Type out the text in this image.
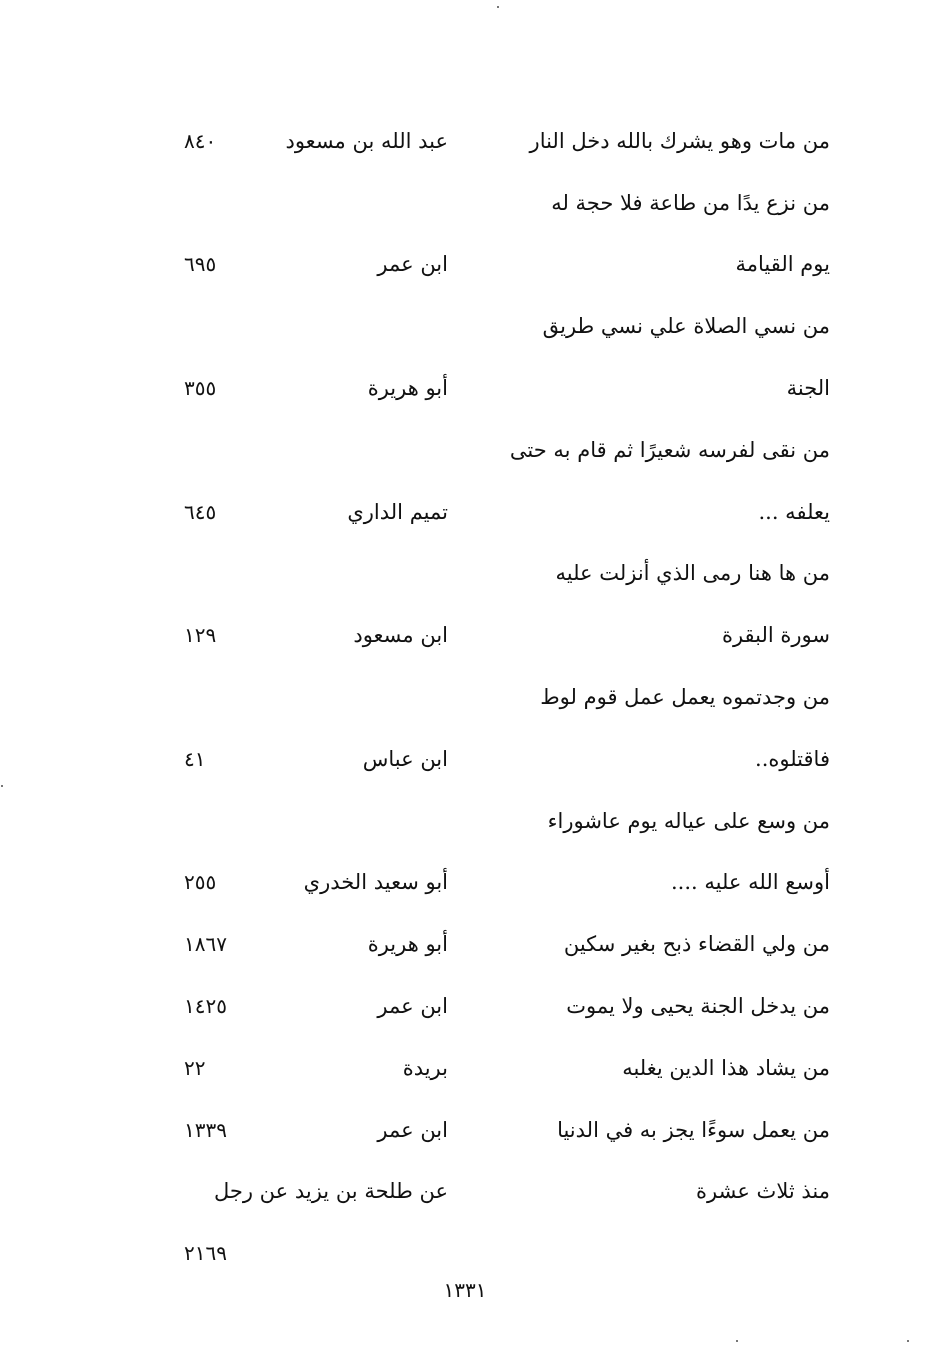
من مات وهو يشرك بالله دخل النار
عبد الله بن مسعود
٨٤٠
من نزع يدًا من طاعة فلا حجة له
يوم القيامة
ابن عمر
٦٩٥
من نسي الصلاة علي نسي طريق
الجنة
أبو هريرة
٣٥٥
من نقى لفرسه شعيرًا ثم قام به حتى
يعلفه ...
تميم الداري
٦٤٥
من ها هنا رمى الذي أنزلت عليه
سورة البقرة
ابن مسعود
١٢٩
من وجدتموه يعمل عمل قوم لوط
فاقتلوه..
ابن عباس
٤١
من وسع على عياله يوم عاشوراء
أوسع الله عليه ....
أبو سعيد الخدري
٢٥٥
من ولي القضاء ذبح بغير سكين
أبو هريرة
١٨٦٧
من يدخل الجنة يحيى ولا يموت
ابن عمر
١٤٢٥
من يشاد هذا الدين يغلبه
بريدة
٢٢
من يعمل سوءًا يجز به في الدنيا
ابن عمر
١٣٣٩
منذ ثلاث عشرة
عن طلحة بن يزيد عن رجل
٢١٦٩
١٣٣١
